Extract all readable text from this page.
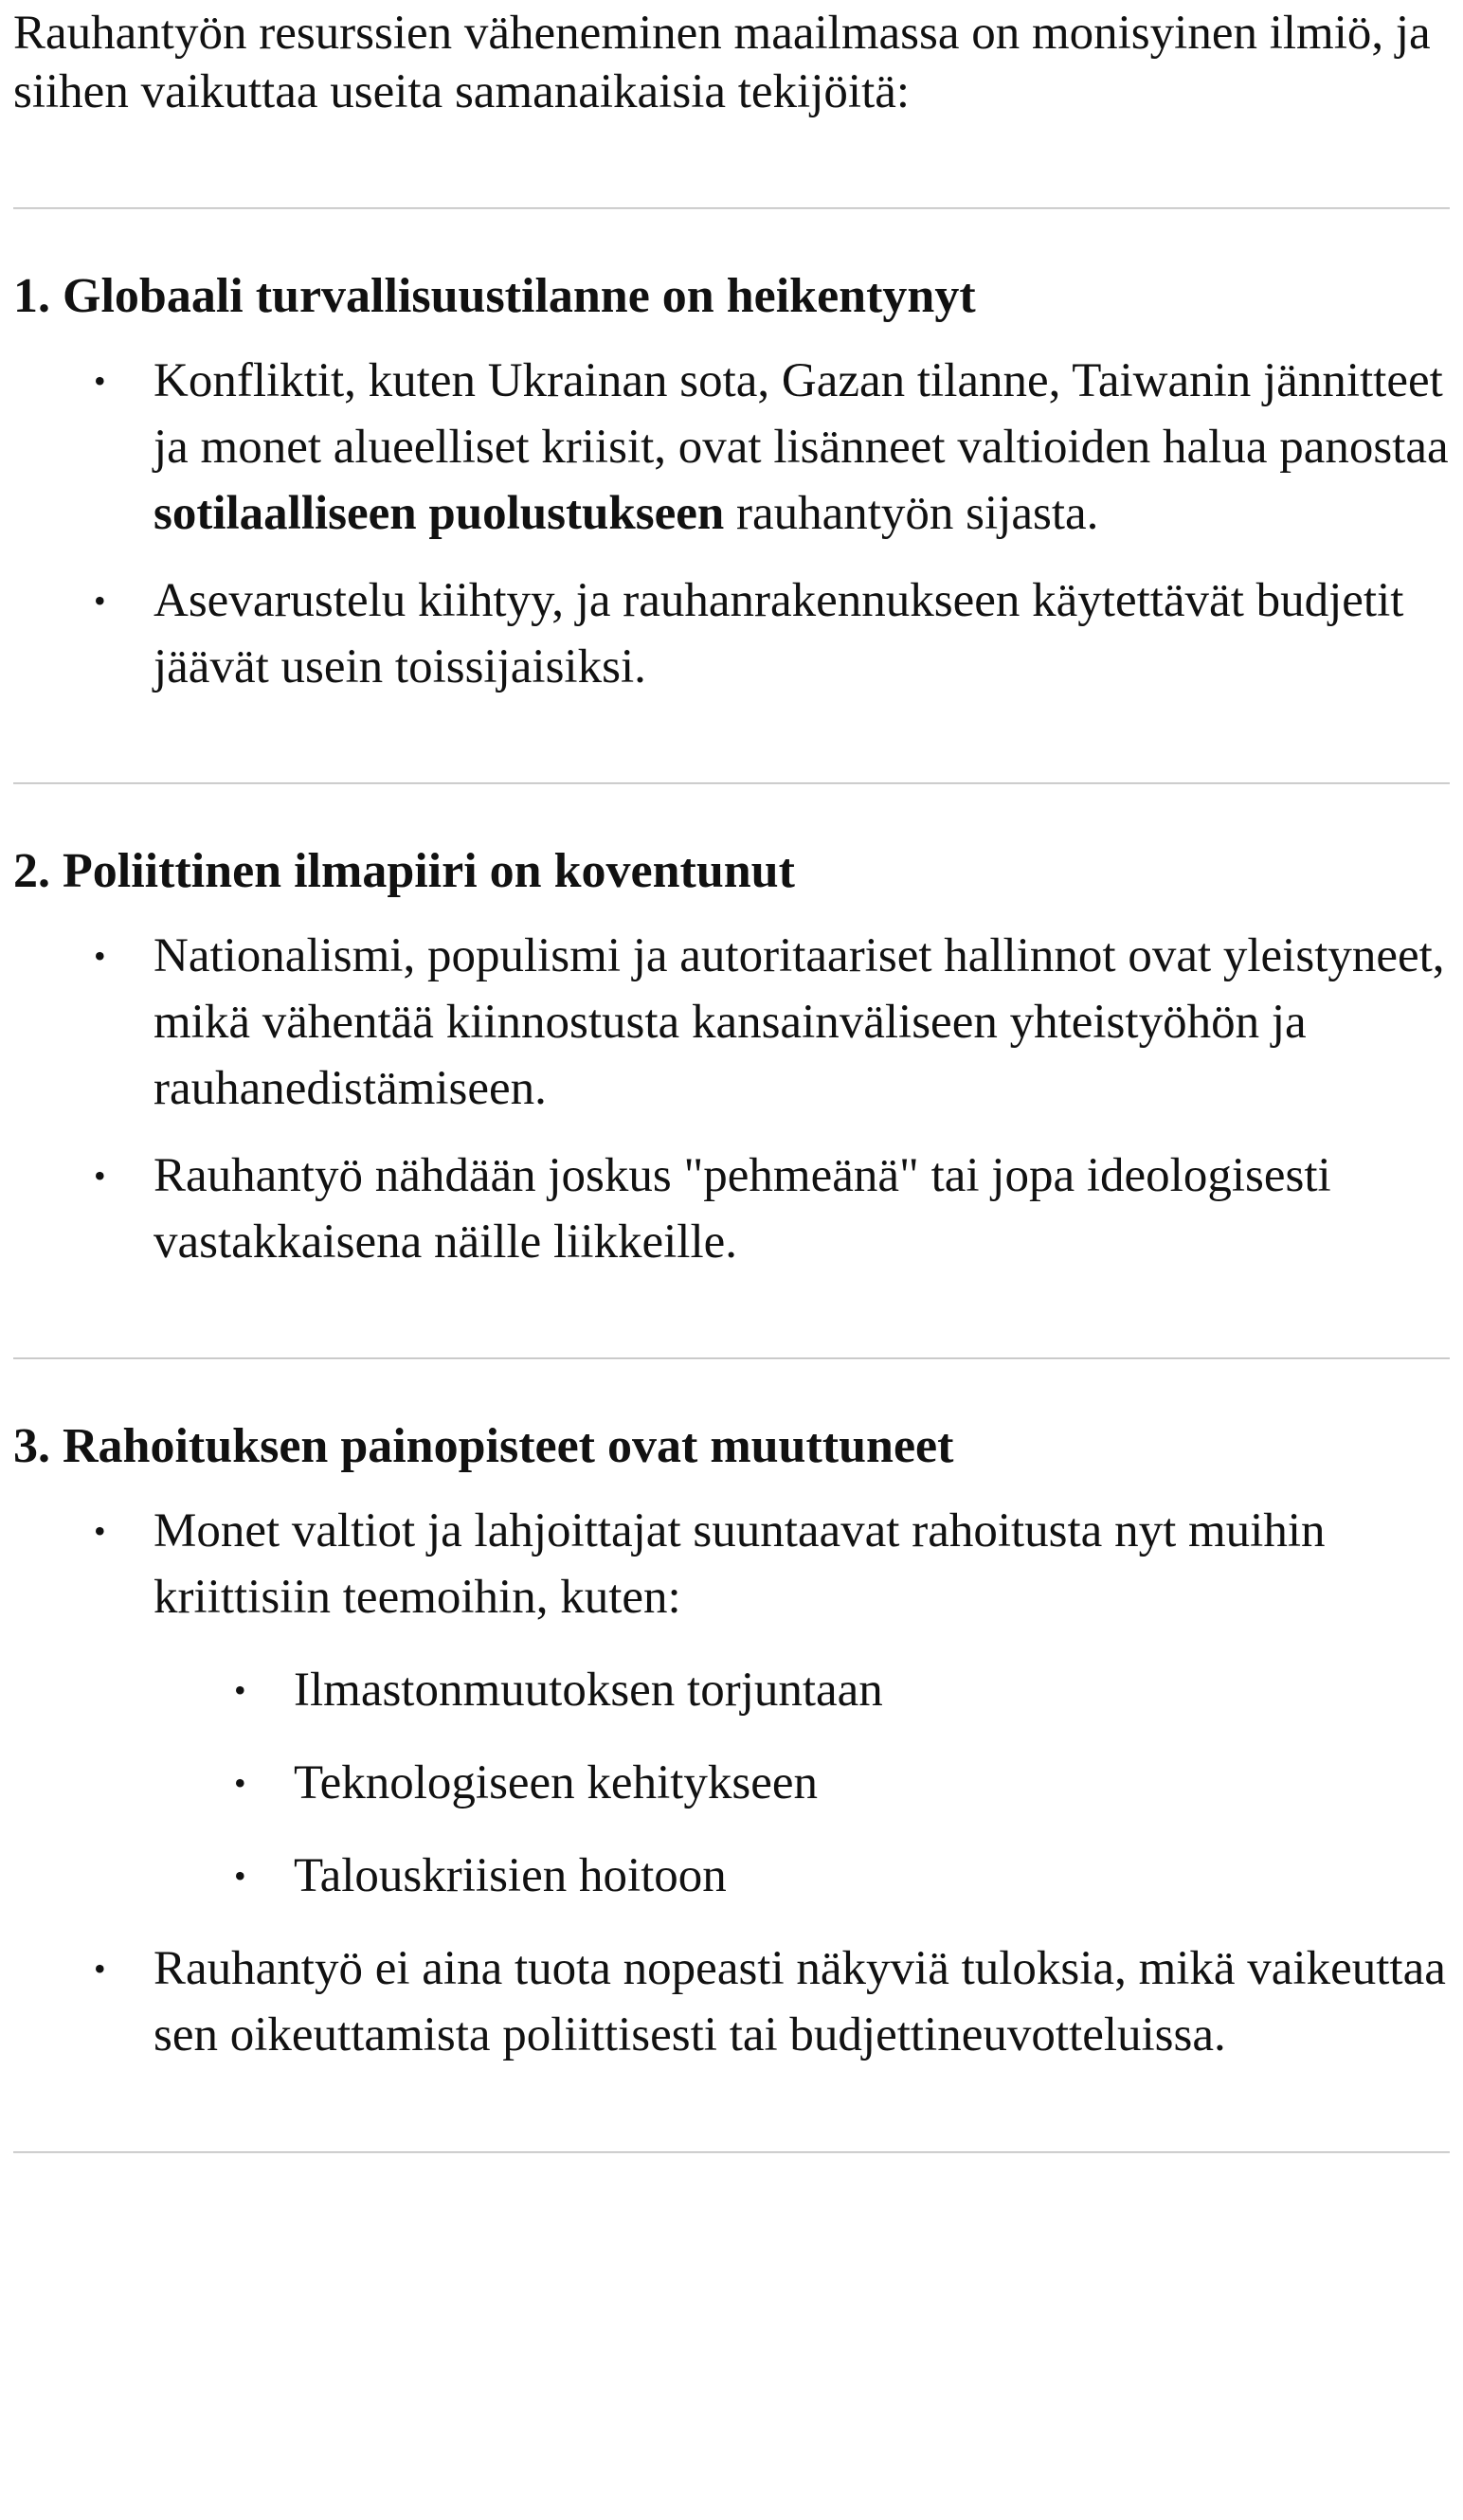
Rauhantyön resurssien väheneminen maailmassa on monisyinen ilmiö, ja siihen vaikuttaa useita samanaikaisia tekijöitä:

1. Globaali turvallisuustilanne on heikentynyt
• Konfliktit, kuten Ukrainan sota, Gazan tilanne, Taiwanin jännitteet ja monet alueelliset kriisit, ovat lisänneet valtioiden halua panostaa sotilaalliseen puolustukseen rauhantyön sijasta.
• Asevarustelu kiihtyy, ja rauhanrakennukseen käytettävät budjetit jäävät usein toissijaisiksi.
2. Poliittinen ilmapiiri on koventunut
• Nationalismi, populismi ja autoritaariset hallinnot ovat yleistyneet, mikä vähentää kiinnostusta kansainväliseen yhteistyöhön ja rauhanedistämiseen.
• Rauhantyö nähdään joskus "pehmeänä" tai jopa ideologisesti vastakkaisena näille liikkeille.
3. Rahoituksen painopisteet ovat muuttuneet
• Monet valtiot ja lahjoittajat suuntaavat rahoitusta nyt muihin kriittisiin teemoihin, kuten:
• Ilmastonmuutoksen torjuntaan
• Teknologiseen kehitykseen
• Talouskriisien hoitoon
• Rauhantyö ei aina tuota nopeasti näkyviä tuloksia, mikä vaikeuttaa sen oikeuttamista poliittisesti tai budjettineuvotteluissa.
